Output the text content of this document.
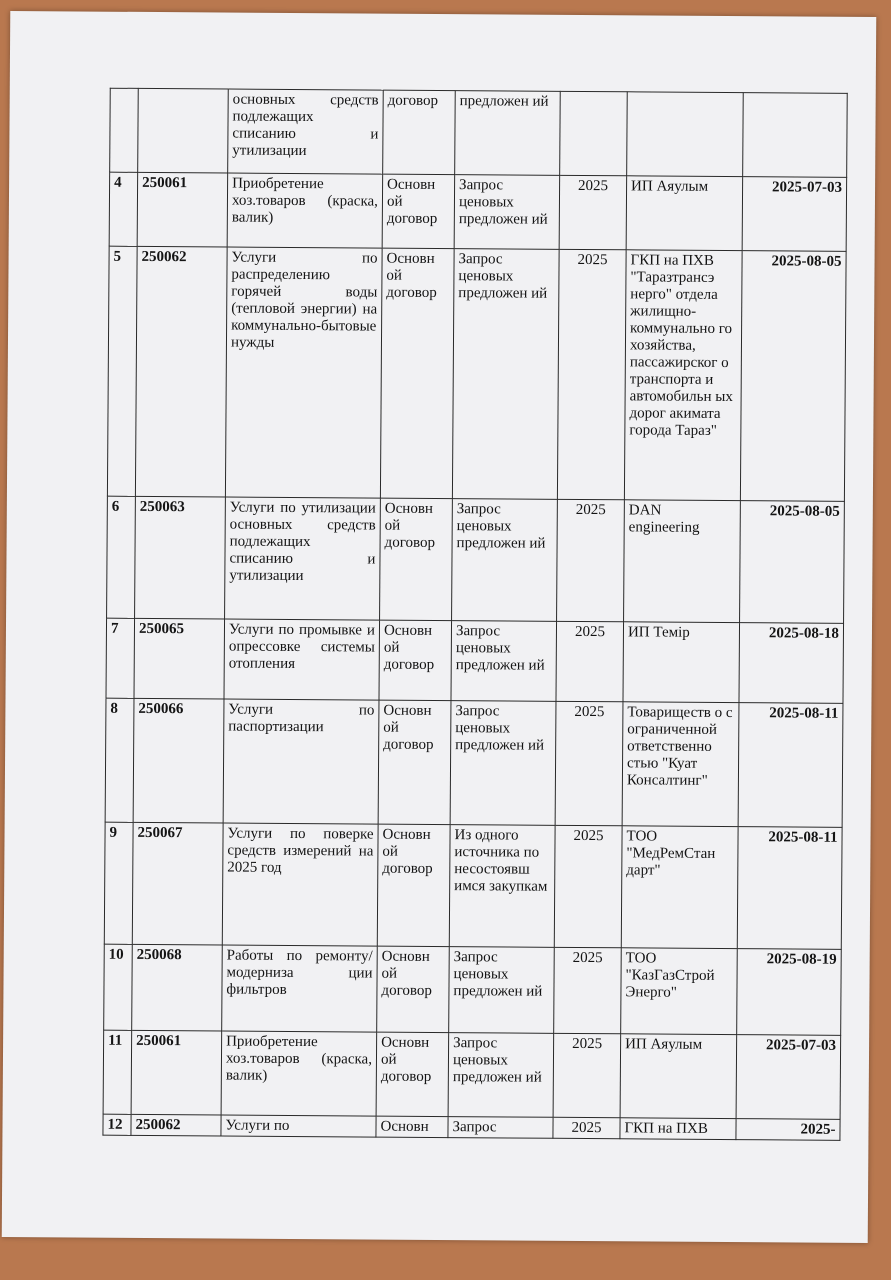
		основных средств подлежащих списанию и утилизации	договор	предложен ий			
4	250061	Приобретение хоз.товаров (краска, валик)	Основн ой договор	Запрос ценовых предложен ий	2025	ИП Аяулым	2025-07-03
5	250062	Услуги по распределению горячей воды (тепловой энергии) на коммунально-бытовые нужды	Основн ой договор	Запрос ценовых предложен ий	2025	ГКП на ПХВ "Таразтрансэ нерго" отдела жилищно-коммунально го хозяйства, пассажирског о транспорта и автомобильн ых дорог акимата города Тараз"	2025-08-05
6	250063	Услуги по утилизации основных средств подлежащих списанию и утилизации	Основн ой договор	Запрос ценовых предложен ий	2025	DAN engineering	2025-08-05
7	250065	Услуги по промывке и опрессовке системы отопления	Основн ой договор	Запрос ценовых предложен ий	2025	ИП Темір	2025-08-18
8	250066	Услуги по паспортизации	Основн ой договор	Запрос ценовых предложен ий	2025	Товариществ о с ограниченной ответственно стью "Куат Консалтинг"	2025-08-11
9	250067	Услуги по поверке средств измерений на 2025 год	Основн ой договор	Из одного источника по несостоявш имся закупкам	2025	ТОО "МедРемСтан дарт"	2025-08-11
10	250068	Работы по ремонту/модерниза ции фильтров	Основн ой договор	Запрос ценовых предложен ий	2025	ТОО "КазГазСтрой Энерго"	2025-08-19
11	250061	Приобретение хоз.товаров (краска, валик)	Основн ой договор	Запрос ценовых предложен ий	2025	ИП Аяулым	2025-07-03
12	250062	Услуги по	Основн	Запрос	2025	ГКП на ПХВ	2025-
